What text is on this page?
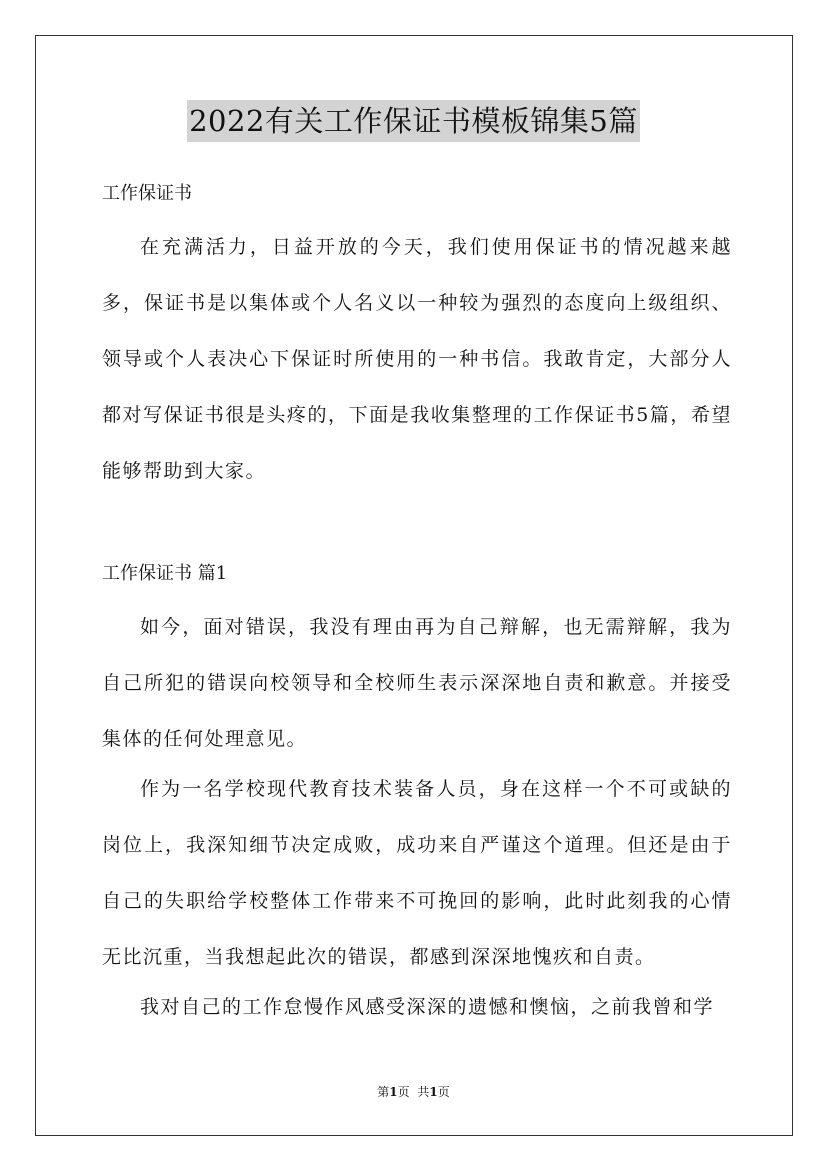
2022有关工作保证书模板锦集5篇
工作保证书

在充满活力，日益开放的今天，我们使用保证书的情况越来越多，保证书是以集体或个人名义以一种较为强烈的态度向上级组织、领导或个人表决心下保证时所使用的一种书信。我敢肯定，大部分人都对写保证书很是头疼的，下面是我收集整理的工作保证书5篇，希望能够帮助到大家。

工作保证书 篇1

如今，面对错误，我没有理由再为自己辩解，也无需辩解，我为自己所犯的错误向校领导和全校师生表示深深地自责和歉意。并接受集体的任何处理意见。

作为一名学校现代教育技术装备人员，身在这样一个不可或缺的岗位上，我深知细节决定成败，成功来自严谨这个道理。但还是由于自己的失职给学校整体工作带来不可挽回的影响，此时此刻我的心情无比沉重，当我想起此次的错误，都感到深深地愧疚和自责。

我对自己的工作怠慢作风感受深深的遗憾和懊恼，之前我曾和学

第1页 共1页
